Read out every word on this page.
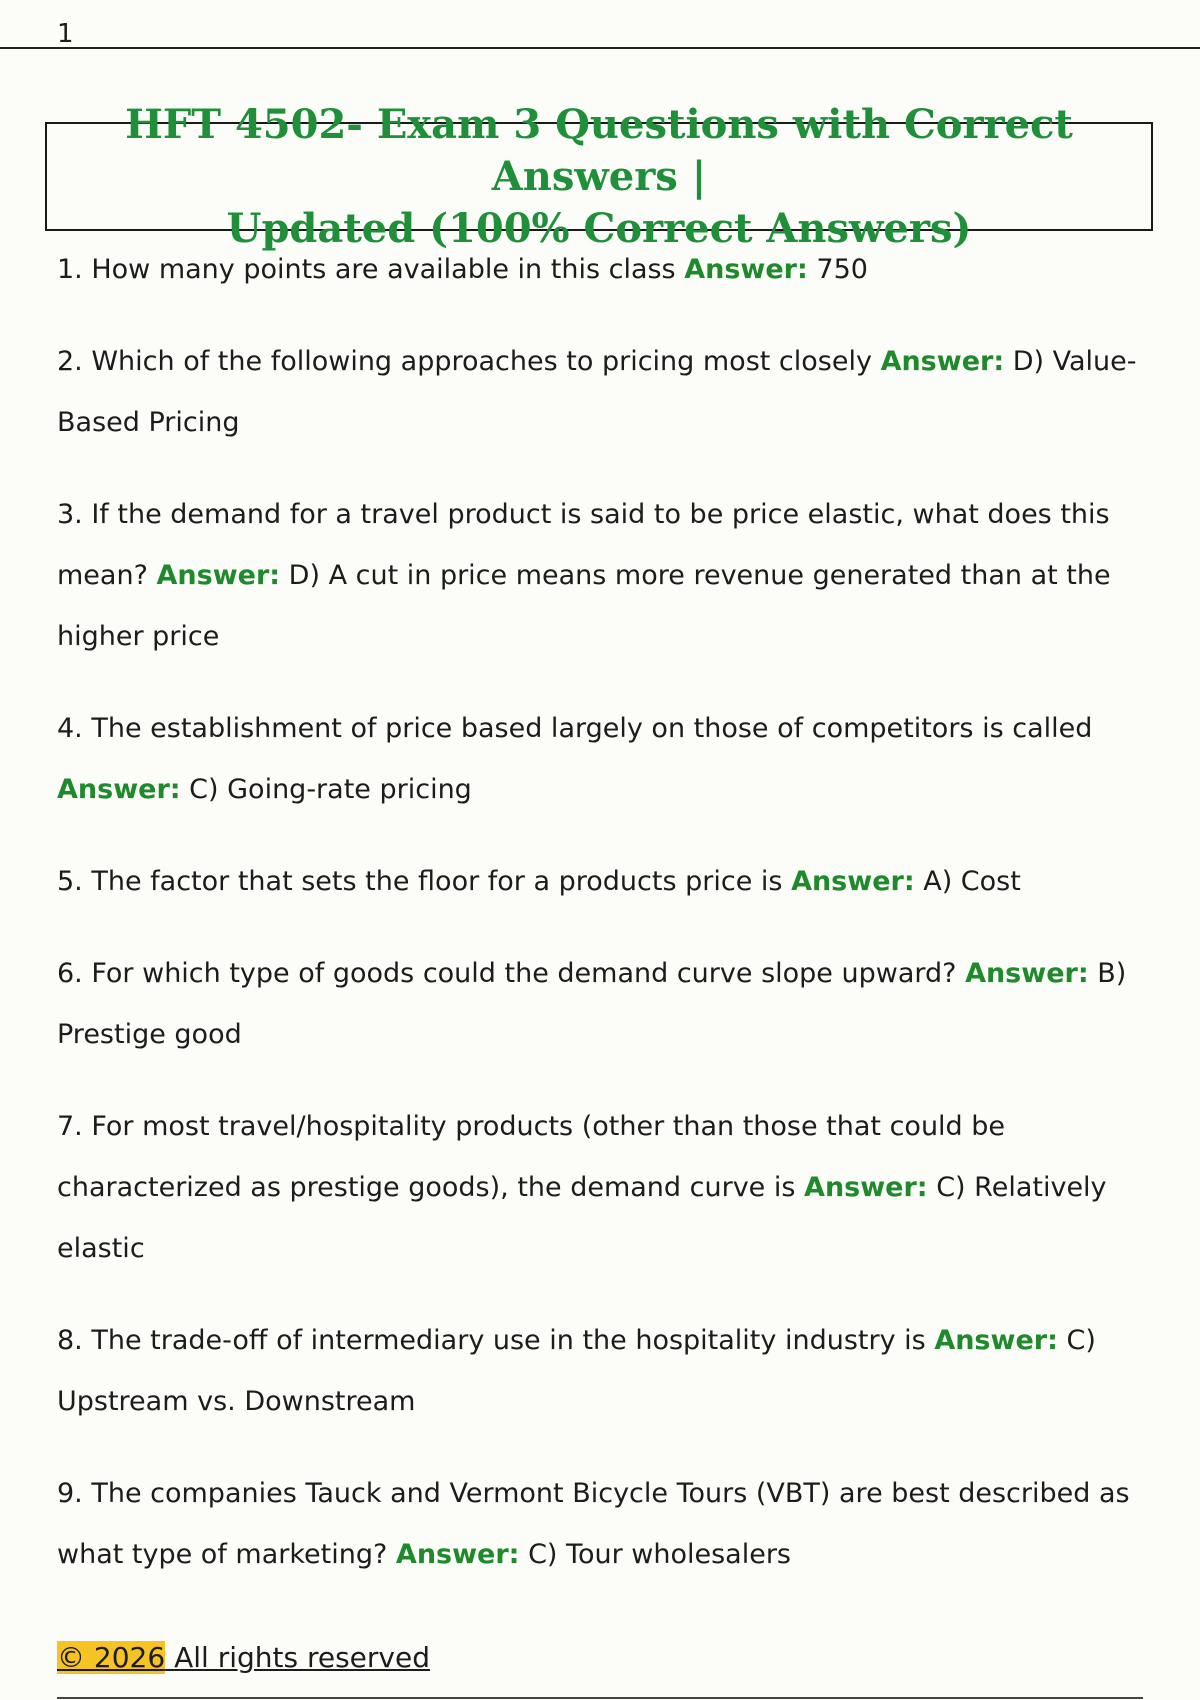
1
HFT 4502- Exam 3 Questions with Correct Answers |
Updated (100% Correct Answers)
1. How many points are available in this class Answer: 750
2. Which of the following approaches to pricing most closely Answer: D) Value-Based Pricing
3. If the demand for a travel product is said to be price elastic, what does this mean? Answer: D) A cut in price means more revenue generated than at the higher price
4. The establishment of price based largely on those of competitors is called Answer: C) Going-rate pricing
5. The factor that sets the floor for a products price is Answer: A) Cost
6. For which type of goods could the demand curve slope upward? Answer: B) Prestige good
7. For most travel/hospitality products (other than those that could be characterized as prestige goods), the demand curve is Answer: C) Relatively elastic
8. The trade-off of intermediary use in the hospitality industry is Answer: C) Upstream vs. Downstream
9. The companies Tauck and Vermont Bicycle Tours (VBT) are best described as what type of marketing? Answer: C) Tour wholesalers
© 2026 All rights reserved
